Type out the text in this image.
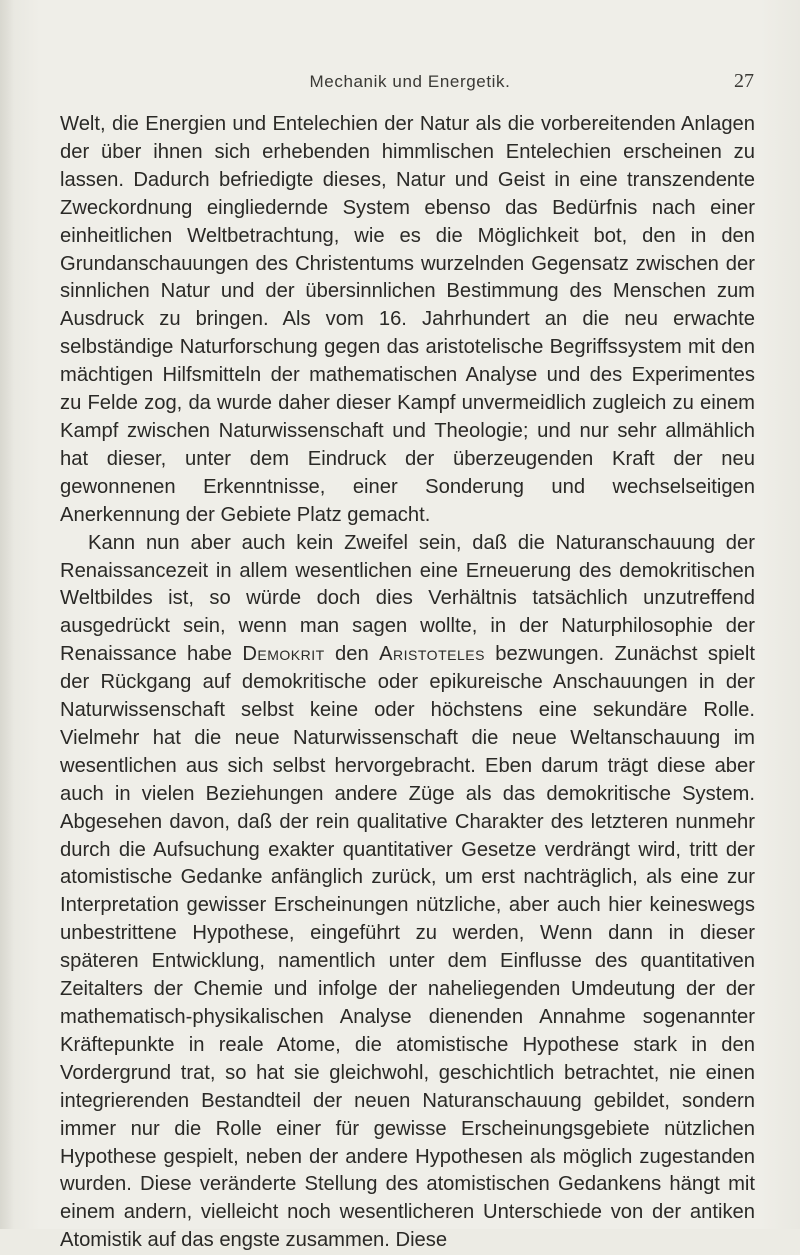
Mechanik und Energetik.	27

Welt, die Energien und Entelechien der Natur als die vorbereitenden Anlagen der über ihnen sich erhebenden himmlischen Entelechien erscheinen zu lassen. Dadurch befriedigte dieses, Natur und Geist in eine transzendente Zweckordnung eingliedernde System ebenso das Bedürfnis nach einer einheitlichen Weltbetrachtung, wie es die Möglichkeit bot, den in den Grundanschauungen des Christentums wurzelnden Gegensatz zwischen der sinnlichen Natur und der übersinnlichen Bestimmung des Menschen zum Ausdruck zu bringen. Als vom 16. Jahrhundert an die neu erwachte selbständige Naturforschung gegen das aristotelische Begriffssystem mit den mächtigen Hilfsmitteln der mathematischen Analyse und des Experimentes zu Felde zog, da wurde daher dieser Kampf unvermeidlich zugleich zu einem Kampf zwischen Naturwissenschaft und Theologie; und nur sehr allmählich hat dieser, unter dem Eindruck der überzeugenden Kraft der neu gewonnenen Erkenntnisse, einer Sonderung und wechselseitigen Anerkennung der Gebiete Platz gemacht.

Kann nun aber auch kein Zweifel sein, daß die Naturanschauung der Renaissancezeit in allem wesentlichen eine Erneuerung des demokritischen Weltbildes ist, so würde doch dies Verhältnis tatsächlich unzutreffend ausgedrückt sein, wenn man sagen wollte, in der Naturphilosophie der Renaissance habe Demokrit den Aristoteles bezwungen. Zunächst spielt der Rückgang auf demokritische oder epikureische Anschauungen in der Naturwissenschaft selbst keine oder höchstens eine sekundäre Rolle. Vielmehr hat die neue Naturwissenschaft die neue Weltanschauung im wesentlichen aus sich selbst hervorgebracht. Eben darum trägt diese aber auch in vielen Beziehungen andere Züge als das demokritische System. Abgesehen davon, daß der rein qualitative Charakter des letzteren nunmehr durch die Aufsuchung exakter quantitativer Gesetze verdrängt wird, tritt der atomistische Gedanke anfänglich zurück, um erst nachträglich, als eine zur Interpretation gewisser Erscheinungen nützliche, aber auch hier keineswegs unbestrittene Hypothese, eingeführt zu werden, Wenn dann in dieser späteren Entwicklung, namentlich unter dem Einflusse des quantitativen Zeitalters der Chemie und infolge der naheliegenden Umdeutung der der mathematisch-physikalischen Analyse dienenden Annahme sogenannter Kräftepunkte in reale Atome, die atomistische Hypothese stark in den Vordergrund trat, so hat sie gleichwohl, geschichtlich betrachtet, nie einen integrierenden Bestandteil der neuen Naturanschauung gebildet, sondern immer nur die Rolle einer für gewisse Erscheinungsgebiete nützlichen Hypothese gespielt, neben der andere Hypothesen als möglich zugestanden wurden. Diese veränderte Stellung des atomistischen Gedankens hängt mit einem andern, vielleicht noch wesentlicheren Unterschiede von der antiken Atomistik auf das engste zusammen. Diese
